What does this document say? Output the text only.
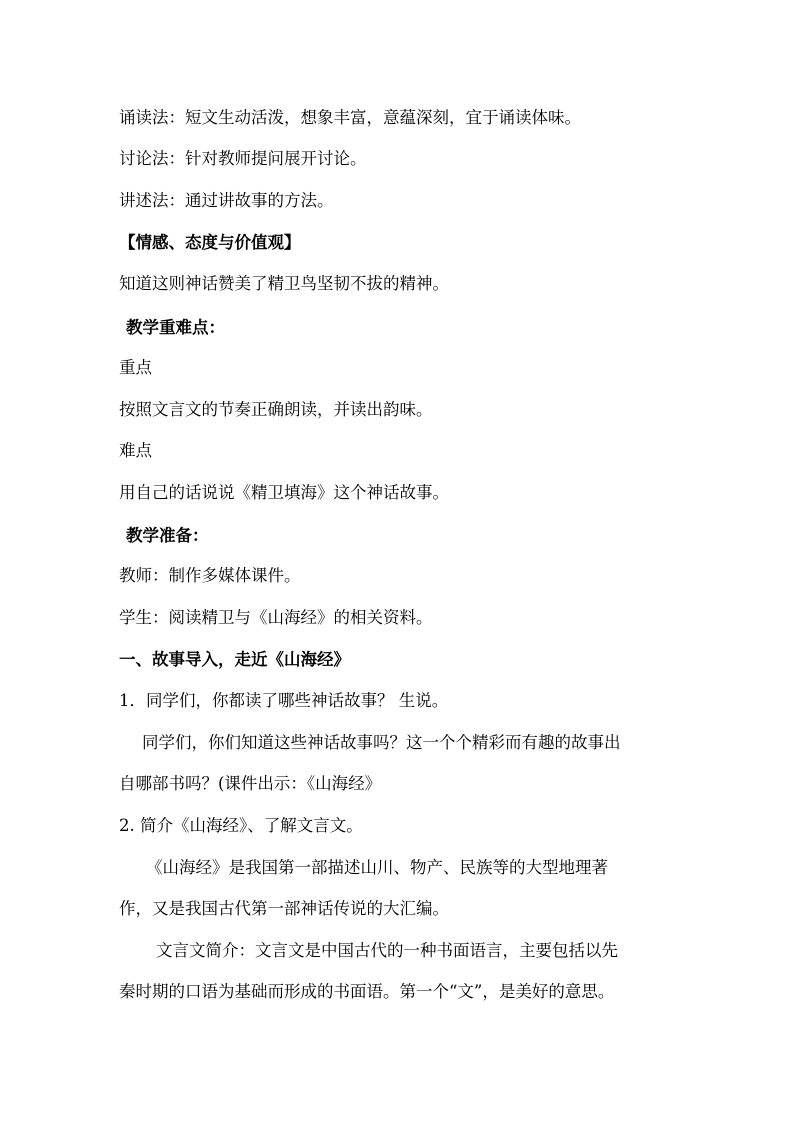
诵读法：短文生动活泼，想象丰富，意蕴深刻，宜于诵读体味。
讨论法：针对教师提问展开讨论。
讲述法：通过讲故事的方法。
【情感、态度与价值观】
知道这则神话赞美了精卫鸟坚韧不拔的精神。
教学重难点：
重点
按照文言文的节奏正确朗读，并读出韵味。
难点
用自己的话说说《精卫填海》这个神话故事。
教学准备：
教师：制作多媒体课件。
学生：阅读精卫与《山海经》的相关资料。
一、故事导入，走近《山海经》
1．同学们，你都读了哪些神话故事？ 生说。
同学们，你们知道这些神话故事吗？这一个个精彩而有趣的故事出
自哪部书吗？(课件出示：《山海经》
2. 简介《山海经》、了解文言文。
《山海经》是我国第一部描述山川、物产、民族等的大型地理著
作，又是我国古代第一部神话传说的大汇编。
文言文简介：文言文是中国古代的一种书面语言，主要包括以先
秦时期的口语为基础而形成的书面语。第一个“文”，是美好的意思。
